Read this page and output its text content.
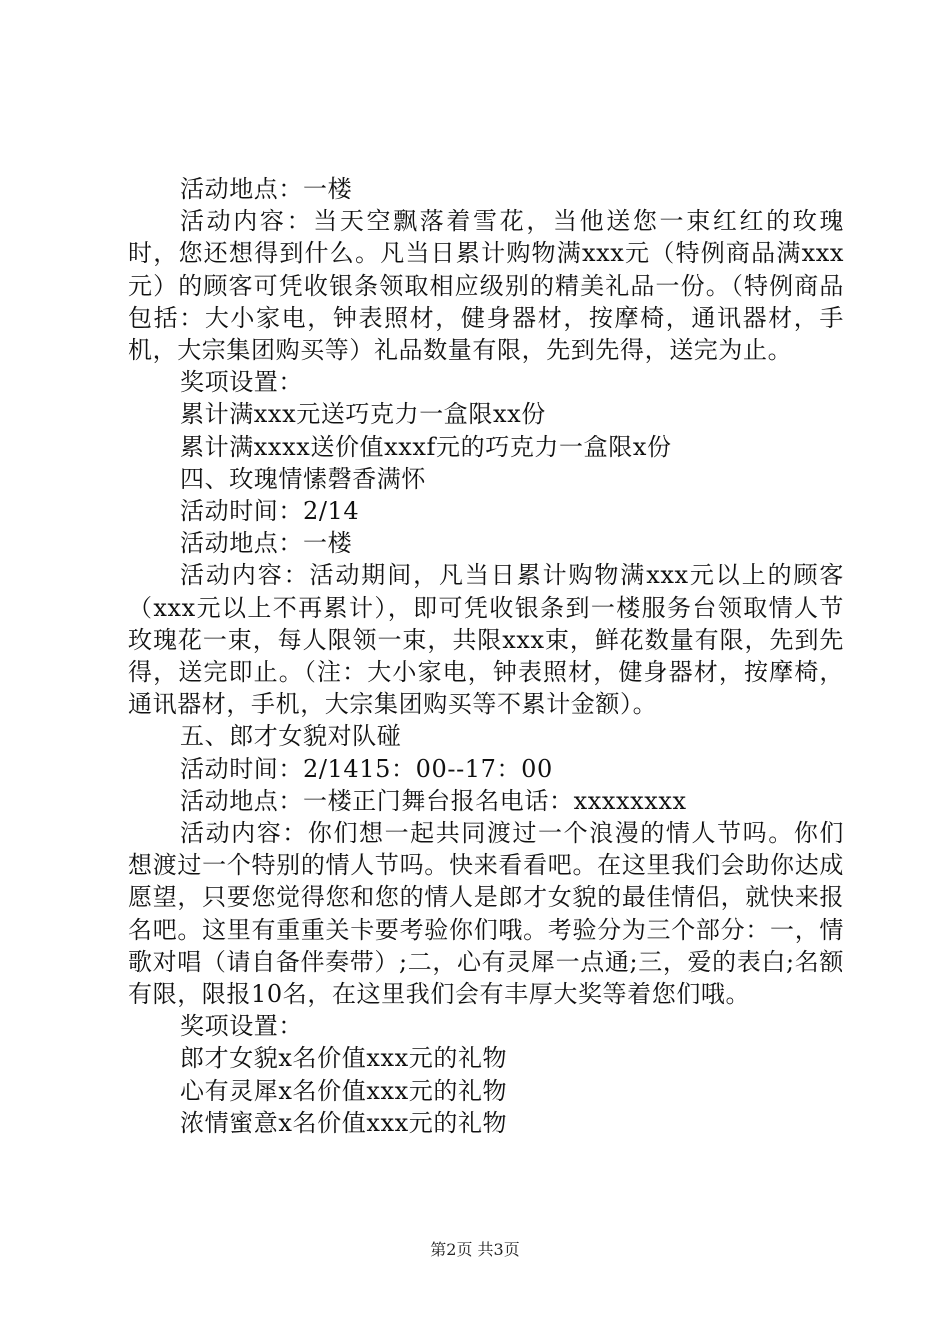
活动地点：一楼

活动内容：当天空飘落着雪花，当他送您一束红红的玫瑰时，您还想得到什么。凡当日累计购物满xxx元（特例商品满xxx元）的顾客可凭收银条领取相应级别的精美礼品一份。（特例商品包括：大小家电，钟表照材，健身器材，按摩椅，通讯器材，手机，大宗集团购买等）礼品数量有限，先到先得，送完为止。

奖项设置：

累计满xxx元送巧克力一盒限xx份

累计满xxxx送价值xxxf元的巧克力一盒限x份

四、玫瑰情愫磬香满怀

活动时间：2/14

活动地点：一楼

活动内容：活动期间，凡当日累计购物满xxx元以上的顾客（xxx元以上不再累计），即可凭收银条到一楼服务台领取情人节玫瑰花一束，每人限领一束，共限xxx束，鲜花数量有限，先到先得，送完即止。（注：大小家电，钟表照材，健身器材，按摩椅，通讯器材，手机，大宗集团购买等不累计金额）。

五、郎才女貌对队碰

活动时间：2/1415：00--17：00

活动地点：一楼正门舞台报名电话：xxxxxxxx

活动内容：你们想一起共同渡过一个浪漫的情人节吗。你们想渡过一个特别的情人节吗。快来看看吧。在这里我们会助你达成愿望，只要您觉得您和您的情人是郎才女貌的最佳情侣，就快来报名吧。这里有重重关卡要考验你们哦。考验分为三个部分：一，情歌对唱（请自备伴奏带）;二，心有灵犀一点通;三，爱的表白;名额有限，限报10名，在这里我们会有丰厚大奖等着您们哦。

奖项设置：

郎才女貌x名价值xxx元的礼物

心有灵犀x名价值xxx元的礼物

浓情蜜意x名价值xxx元的礼物

第2页 共3页
